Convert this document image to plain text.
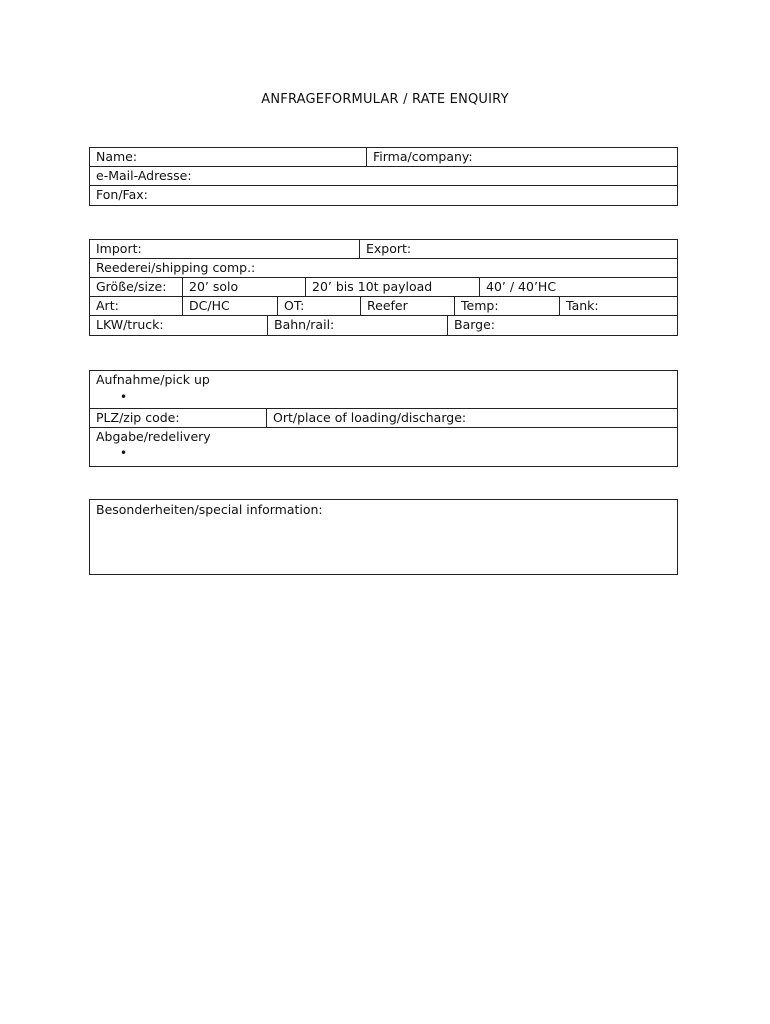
ANFRAGEFORMULAR / RATE ENQUIRY
Name:	Firma/company:
e-Mail-Adresse:
Fon/Fax:
Import:	Export:
Reederei/shipping comp.:
Größe/size:	20’ solo	20’ bis 10t payload	40’ / 40’HC
Art:	DC/HC	OT:	Reefer	Temp:	Tank:
LKW/truck:	Bahn/rail:	Barge:
Aufnahme/pick up
•
PLZ/zip code:	Ort/place of loading/discharge:
Abgabe/redelivery
•
Besonderheiten/special information:
